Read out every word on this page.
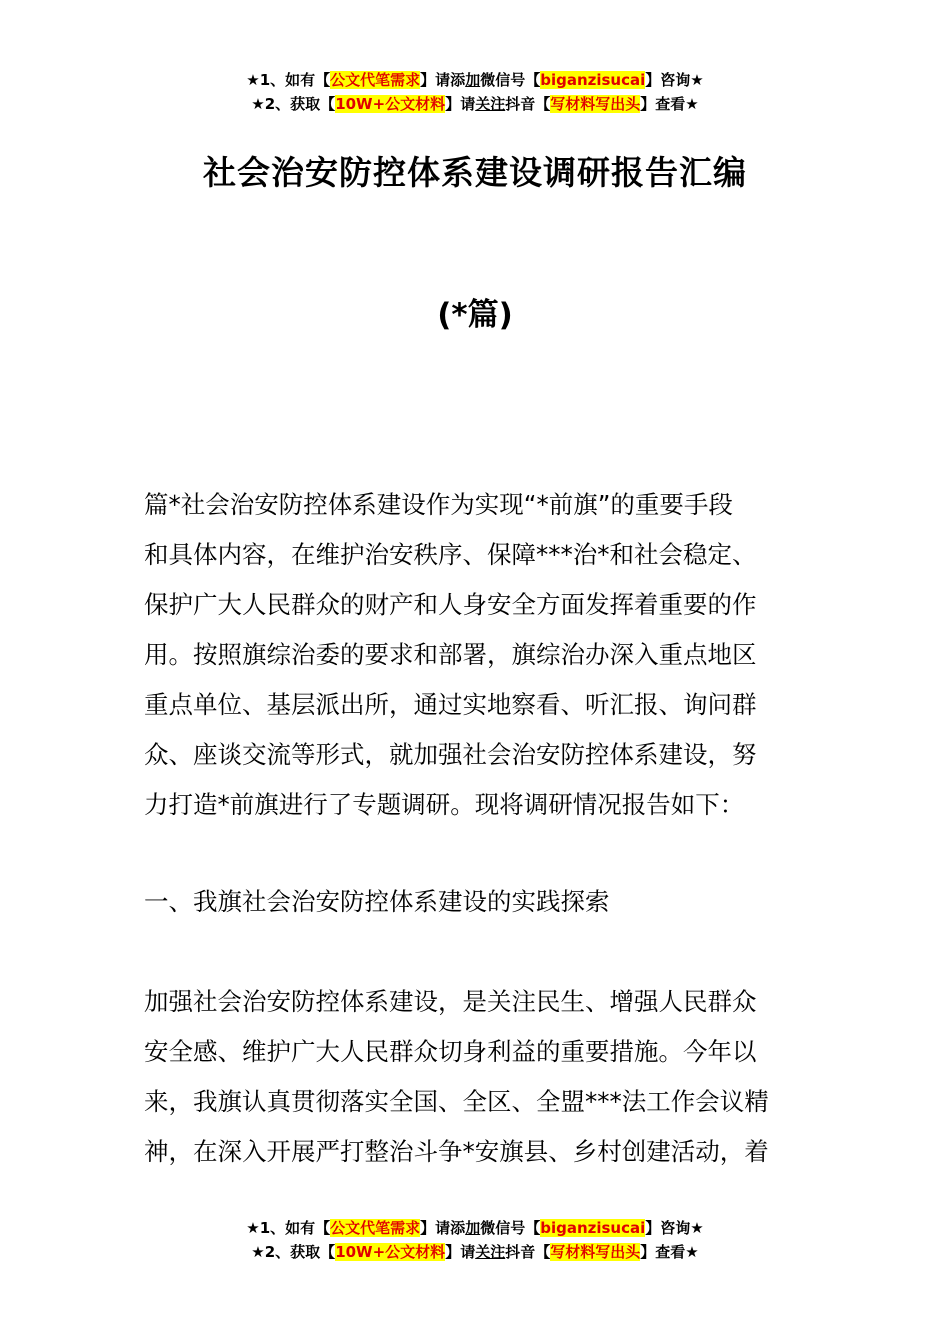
★1、如有【公文代笔需求】请添加微信号【biganzisucai】咨询★
★2、获取【10W+公文材料】请关注抖音【写材料写出头】查看★
社会治安防控体系建设调研报告汇编
(*篇)
篇*社会治安防控体系建设作为实现“*前旗”的重要手段
和具体内容，在维护治安秩序、保障***治*和社会稳定、
保护广大人民群众的财产和人身安全方面发挥着重要的作
用。按照旗综治委的要求和部署，旗综治办深入重点地区
重点单位、基层派出所，通过实地察看、听汇报、询问群
众、座谈交流等形式，就加强社会治安防控体系建设，努
力打造*前旗进行了专题调研。现将调研情况报告如下：
一、我旗社会治安防控体系建设的实践探索
加强社会治安防控体系建设，是关注民生、增强人民群众
安全感、维护广大人民群众切身利益的重要措施。今年以
来，我旗认真贯彻落实全国、全区、全盟***法工作会议精
神，在深入开展严打整治斗争*安旗县、乡村创建活动，着
★1、如有【公文代笔需求】请添加微信号【biganzisucai】咨询★
★2、获取【10W+公文材料】请关注抖音【写材料写出头】查看★
